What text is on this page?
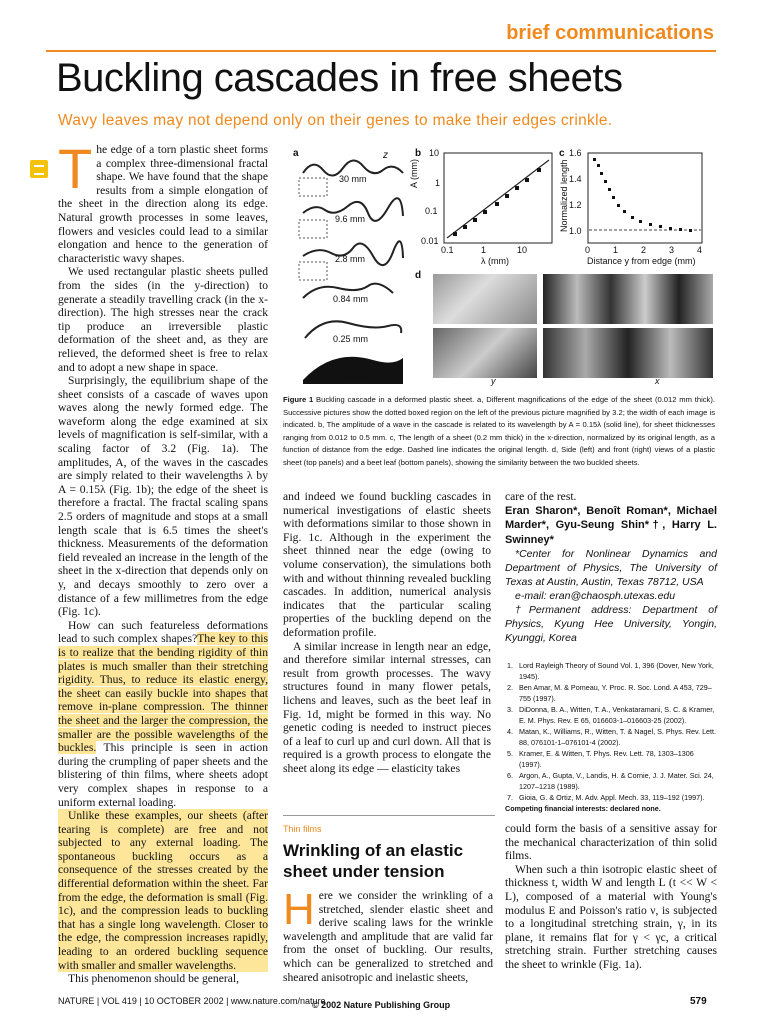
brief communications
Buckling cascades in free sheets
Wavy leaves may not depend only on their genes to make their edges crinkle.

The edge of a torn plastic sheet forms a complex three-dimensional fractal shape. We have found that the shape results from a simple elongation of the sheet in the direction along its edge. Natural growth processes in some leaves, flowers and vesicles could lead to a similar elongation and hence to the generation of characteristic wavy shapes.

We used rectangular plastic sheets pulled from the sides (in the y-direction) to generate a steadily travelling crack (in the x-direction). The high stresses near the crack tip produce an irreversible plastic deformation of the sheet and, as they are relieved, the deformed sheet is free to relax and to adopt a new shape in space.

Surprisingly, the equilibrium shape of the sheet consists of a cascade of waves upon waves along the newly formed edge. The waveform along the edge examined at six levels of magnification is self-similar, with a scaling factor of 3.2 (Fig. 1a). The amplitudes, A, of the waves in the cascades are simply related to their wavelengths λ by A = 0.15λ (Fig. 1b); the edge of the sheet is therefore a fractal. The fractal scaling spans 2.5 orders of magnitude and stops at a small length scale that is 6.5 times the sheet's thickness. Measurements of the deformation field revealed an increase in the length of the sheet in the x-direction that depends only on y, and decays smoothly to zero over a distance of a few millimetres from the edge (Fig. 1c).

How can such featureless deformations lead to such complex shapes?The key to this is to realize that the bending rigidity of thin plates is much smaller than their stretching rigidity. Thus, to reduce its elastic energy, the sheet can easily buckle into shapes that remove in-plane compression. The thinner the sheet and the larger the compression, the smaller are the possible wavelengths of the buckles. This principle is seen in action during the crumpling of paper sheets and the blistering of thin films, where sheets adopt very complex shapes in response to a uniform external loading.

Unlike these examples, our sheets (after tearing is complete) are free and not subjected to any external loading. The spontaneous buckling occurs as a consequence of the stresses created by the differential deformation within the sheet. Far from the edge, the deformation is small (Fig. 1c), and the compression leads to buckling that has a single long wavelength. Closer to the edge, the compression increases rapidly, leading to an ordered buckling sequence with smaller and smaller wavelengths.

This phenomenon should be general,

a	z
30 mm
9.6 mm
2.8 mm
0.84 mm
0.25 mm
0.08 mm
b 10
1
0.1
0.01
0.1	1	10
λ (mm)
A (mm)
c 1.6
1.4
1.2
1.0
0	1	2	3	4
Distance y from edge (mm)
Normalized length
d
y	x
Figure 1 Buckling cascade in a deformed plastic sheet. a, Different magnifications of the edge of the sheet (0.012 mm thick). Successive pictures show the dotted boxed region on the left of the previous picture magnified by 3.2; the width of each image is indicated. b, The amplitude of a wave in the cascade is related to its wavelength by A = 0.15λ (solid line), for sheet thicknesses ranging from 0.012 to 0.5 mm. c, The length of a sheet (0.2 mm thick) in the x-direction, normalized by its original length, as a function of distance from the edge. Dashed line indicates the original length. d, Side (left) and front (right) views of a plastic sheet (top panels) and a beet leaf (bottom panels), showing the similarity between the two buckled sheets.

and indeed we found buckling cascades in numerical investigations of elastic sheets with deformations similar to those shown in Fig. 1c. Although in the experiment the sheet thinned near the edge (owing to volume conservation), the simulations both with and without thinning revealed buckling cascades. In addition, numerical analysis indicates that the particular scaling properties of the buckling depend on the deformation profile.

A similar increase in length near an edge, and therefore similar internal stresses, can result from growth processes. The wavy structures found in many flower petals, lichens and leaves, such as the beet leaf in Fig. 1d, might be formed in this way. No genetic coding is needed to instruct pieces of a leaf to curl up and curl down. All that is required is a growth process to elongate the sheet along its edge — elasticity takes

care of the rest.

Eran Sharon*, Benoît Roman*, Michael Marder*, Gyu-Seung Shin*†, Harry L. Swinney*

*Center for Nonlinear Dynamics and Department of Physics, The University of Texas at Austin, Austin, Texas 78712, USA

e-mail: eran@chaosph.utexas.edu

†Permanent address: Department of Physics, Kyung Hee University, Yongin, Kyunggi, Korea

1. Lord Rayleigh Theory of Sound Vol. 1, 396 (Dover, New York, 1945).
2. Ben Amar, M. & Pomeau, Y. Proc. R. Soc. Lond. A 453, 729–755 (1997).
3. DiDonna, B. A., Witten, T. A., Venkataramani, S. C. & Kramer, E. M. Phys. Rev. E 65, 016603-1–016603-25 (2002).
4. Matan, K., Williams, R., Witten, T. & Nagel, S. Phys. Rev. Lett. 88, 076101-1–076101-4 (2002).
5. Kramer, E. & Witten, T. Phys. Rev. Lett. 78, 1303–1306 (1997).
6. Argon, A., Gupta, V., Landis, H. & Cornie, J. J. Mater. Sci. 24, 1207–1218 (1989).
7. Gioia, G. & Ortiz, M. Adv. Appl. Mech. 33, 119–192 (1997).
Competing financial interests: declared none.
Thin films
Wrinkling of an elastic sheet under tension

Here we consider the wrinkling of a stretched, slender elastic sheet and derive scaling laws for the wrinkle wavelength and amplitude that are valid far from the onset of buckling. Our results, which can be generalized to stretched and sheared anisotropic and inelastic sheets,

could form the basis of a sensitive assay for the mechanical characterization of thin solid films.

When such a thin isotropic elastic sheet of thickness t, width W and length L (t << W < L), composed of a material with Young's modulus E and Poisson's ratio ν, is subjected to a longitudinal stretching strain, γ, in its plane, it remains flat for γ < γc, a critical stretching strain. Further stretching causes the sheet to wrinkle (Fig. 1a).

NATURE | VOL 419 | 10 OCTOBER 2002 | www.nature.com/nature
© 2002 Nature Publishing Group	579
